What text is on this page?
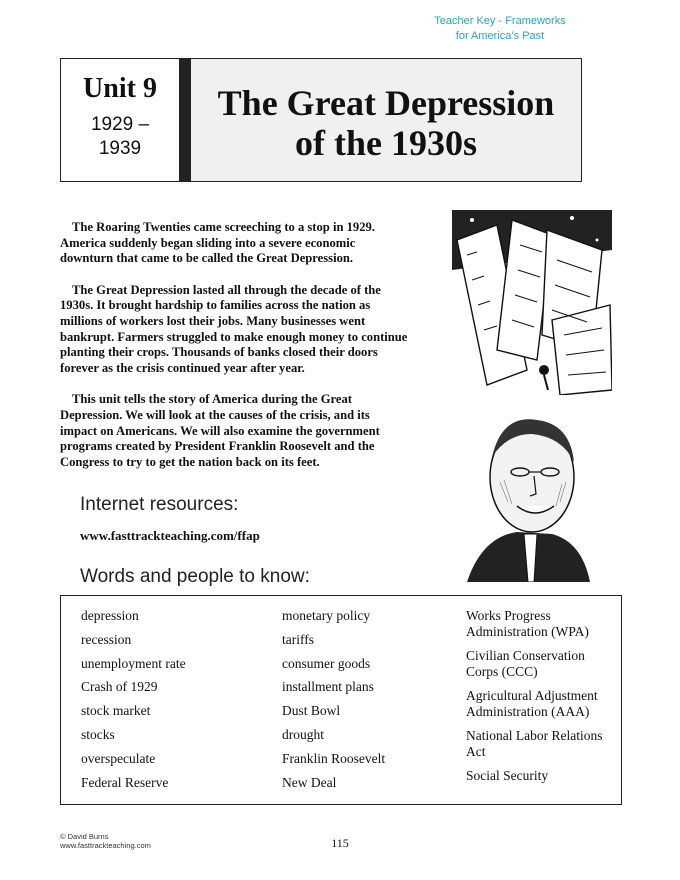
Teacher Key - Frameworks
for America’s Past
Unit 9
1929 –
1939
The Great Depression
of the 1930s

The Roaring Twenties came screeching to a stop in 1929. America suddenly began sliding into a severe economic downturn that came to be called the Great Depression.

The Great Depression lasted all through the decade of the 1930s. It brought hardship to families across the nation as millions of workers lost their jobs. Many businesses went bankrupt. Farmers struggled to make enough money to continue planting their crops. Thousands of banks closed their doors forever as the crisis continued year after year.

This unit tells the story of America during the Great Depression. We will look at the causes of the crisis, and its impact on Americans. We will also examine the government programs created by President Franklin Roosevelt and the Congress to try to get the nation back on its feet.

Internet resources:
www.fasttrackteaching.com/ffap
Words and people to know:
depression
recession
unemployment rate
Crash of 1929
stock market
stocks
overspeculate
Federal Reserve
monetary policy
tariffs
consumer goods
installment plans
Dust Bowl
drought
Franklin Roosevelt
New Deal
Works Progress Administration (WPA)
Civilian Conservation Corps (CCC)
Agricultural Adjustment Administration (AAA)
National Labor Relations Act
Social Security
© David Burns
www.fasttrackteaching.com	115
